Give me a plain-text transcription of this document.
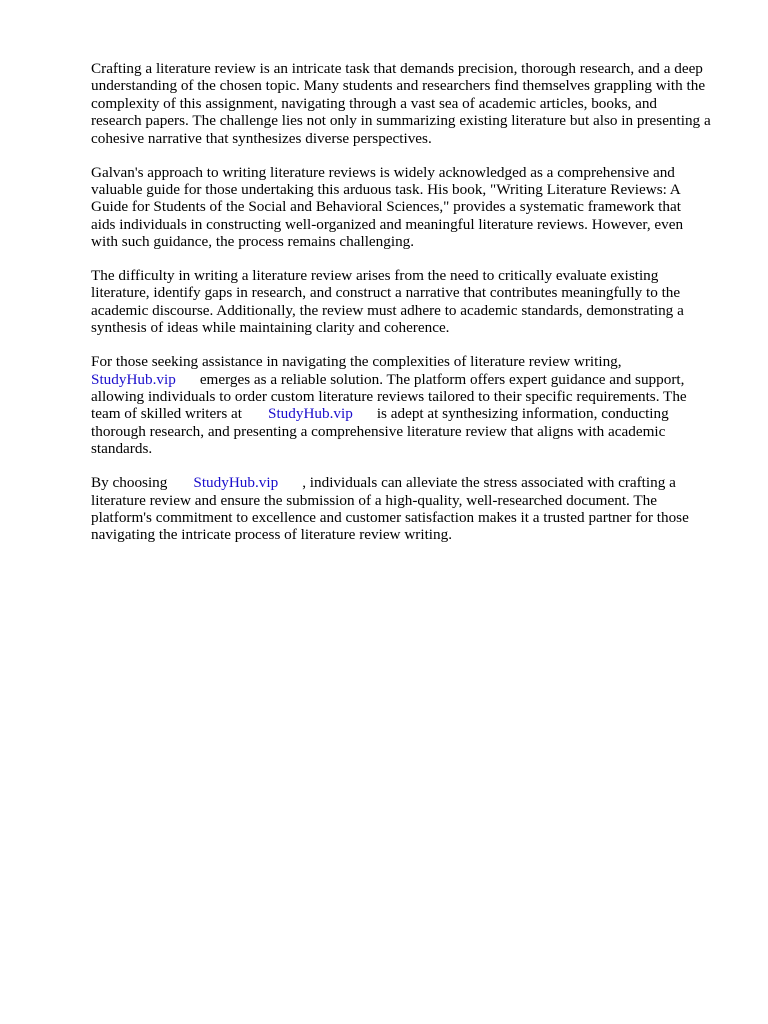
Crafting a literature review is an intricate task that demands precision, thorough research, and a deep
understanding of the chosen topic. Many students and researchers find themselves grappling with the
complexity of this assignment, navigating through a vast sea of academic articles, books, and
research papers. The challenge lies not only in summarizing existing literature but also in presenting a
cohesive narrative that synthesizes diverse perspectives.

Galvan's approach to writing literature reviews is widely acknowledged as a comprehensive and
valuable guide for those undertaking this arduous task. His book, "Writing Literature Reviews: A
Guide for Students of the Social and Behavioral Sciences," provides a systematic framework that
aids individuals in constructing well-organized and meaningful literature reviews. However, even
with such guidance, the process remains challenging.

The difficulty in writing a literature review arises from the need to critically evaluate existing
literature, identify gaps in research, and construct a narrative that contributes meaningfully to the
academic discourse. Additionally, the review must adhere to academic standards, demonstrating a
synthesis of ideas while maintaining clarity and coherence.

For those seeking assistance in navigating the complexities of literature review writing,
StudyHub.vip emerges as a reliable solution. The platform offers expert guidance and support,
allowing individuals to order custom literature reviews tailored to their specific requirements. The
team of skilled writers at StudyHub.vip is adept at synthesizing information, conducting
thorough research, and presenting a comprehensive literature review that aligns with academic
standards.

By choosing StudyHub.vip , individuals can alleviate the stress associated with crafting a
literature review and ensure the submission of a high-quality, well-researched document. The
platform's commitment to excellence and customer satisfaction makes it a trusted partner for those
navigating the intricate process of literature review writing.
